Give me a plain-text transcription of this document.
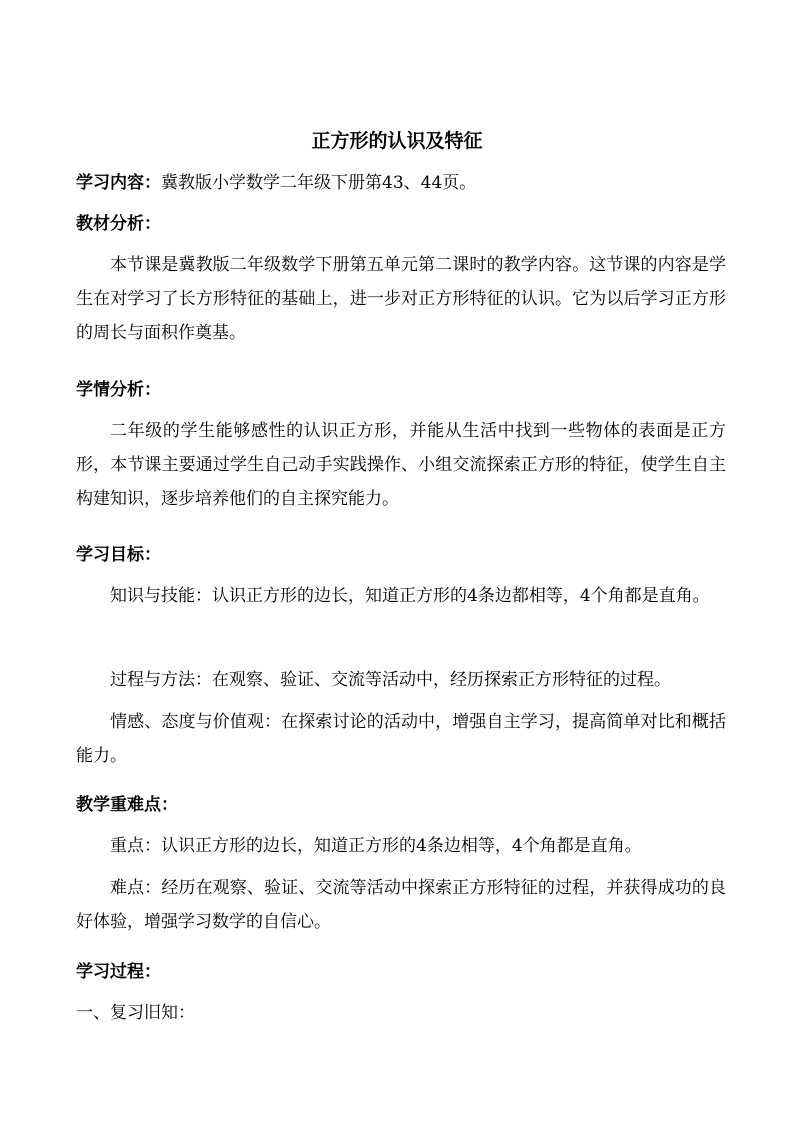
正方形的认识及特征
学习内容：冀教版小学数学二年级下册第43、44页。
教材分析：
本节课是冀教版二年级数学下册第五单元第二课时的教学内容。这节课的内容是学生在对学习了长方形特征的基础上，进一步对正方形特征的认识。它为以后学习正方形的周长与面积作奠基。
学情分析：
二年级的学生能够感性的认识正方形，并能从生活中找到一些物体的表面是正方形，本节课主要通过学生自己动手实践操作、小组交流探索正方形的特征，使学生自主构建知识，逐步培养他们的自主探究能力。
学习目标：
知识与技能：认识正方形的边长，知道正方形的4条边都相等，4个角都是直角。
过程与方法：在观察、验证、交流等活动中，经历探索正方形特征的过程。
情感、态度与价值观：在探索讨论的活动中，增强自主学习，提高简单对比和概括能力。
教学重难点：
重点：认识正方形的边长，知道正方形的4条边相等，4个角都是直角。
难点：经历在观察、验证、交流等活动中探索正方形特征的过程，并获得成功的良好体验，增强学习数学的自信心。
学习过程：
一、复习旧知：
